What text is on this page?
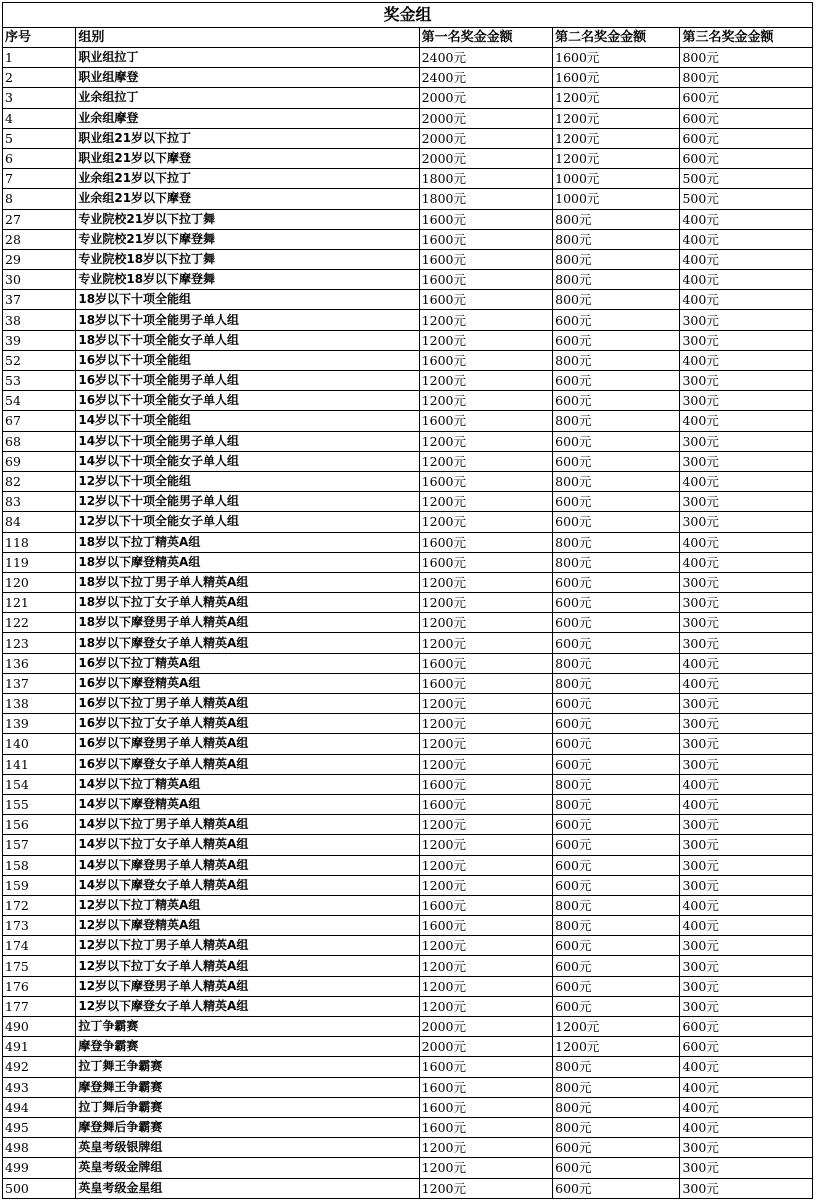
奖金组				
序号	组别	第一名奖金金额	第二名奖金金额	第三名奖金金额
1	职业组拉丁	2400元	1600元	800元
2	职业组摩登	2400元	1600元	800元
3	业余组拉丁	2000元	1200元	600元
4	业余组摩登	2000元	1200元	600元
5	职业组21岁以下拉丁	2000元	1200元	600元
6	职业组21岁以下摩登	2000元	1200元	600元
7	业余组21岁以下拉丁	1800元	1000元	500元
8	业余组21岁以下摩登	1800元	1000元	500元
27	专业院校21岁以下拉丁舞	1600元	800元	400元
28	专业院校21岁以下摩登舞	1600元	800元	400元
29	专业院校18岁以下拉丁舞	1600元	800元	400元
30	专业院校18岁以下摩登舞	1600元	800元	400元
37	18岁以下十项全能组	1600元	800元	400元
38	18岁以下十项全能男子单人组	1200元	600元	300元
39	18岁以下十项全能女子单人组	1200元	600元	300元
52	16岁以下十项全能组	1600元	800元	400元
53	16岁以下十项全能男子单人组	1200元	600元	300元
54	16岁以下十项全能女子单人组	1200元	600元	300元
67	14岁以下十项全能组	1600元	800元	400元
68	14岁以下十项全能男子单人组	1200元	600元	300元
69	14岁以下十项全能女子单人组	1200元	600元	300元
82	12岁以下十项全能组	1600元	800元	400元
83	12岁以下十项全能男子单人组	1200元	600元	300元
84	12岁以下十项全能女子单人组	1200元	600元	300元
118	18岁以下拉丁精英A组	1600元	800元	400元
119	18岁以下摩登精英A组	1600元	800元	400元
120	18岁以下拉丁男子单人精英A组	1200元	600元	300元
121	18岁以下拉丁女子单人精英A组	1200元	600元	300元
122	18岁以下摩登男子单人精英A组	1200元	600元	300元
123	18岁以下摩登女子单人精英A组	1200元	600元	300元
136	16岁以下拉丁精英A组	1600元	800元	400元
137	16岁以下摩登精英A组	1600元	800元	400元
138	16岁以下拉丁男子单人精英A组	1200元	600元	300元
139	16岁以下拉丁女子单人精英A组	1200元	600元	300元
140	16岁以下摩登男子单人精英A组	1200元	600元	300元
141	16岁以下摩登女子单人精英A组	1200元	600元	300元
154	14岁以下拉丁精英A组	1600元	800元	400元
155	14岁以下摩登精英A组	1600元	800元	400元
156	14岁以下拉丁男子单人精英A组	1200元	600元	300元
157	14岁以下拉丁女子单人精英A组	1200元	600元	300元
158	14岁以下摩登男子单人精英A组	1200元	600元	300元
159	14岁以下摩登女子单人精英A组	1200元	600元	300元
172	12岁以下拉丁精英A组	1600元	800元	400元
173	12岁以下摩登精英A组	1600元	800元	400元
174	12岁以下拉丁男子单人精英A组	1200元	600元	300元
175	12岁以下拉丁女子单人精英A组	1200元	600元	300元
176	12岁以下摩登男子单人精英A组	1200元	600元	300元
177	12岁以下摩登女子单人精英A组	1200元	600元	300元
490	拉丁争霸赛	2000元	1200元	600元
491	摩登争霸赛	2000元	1200元	600元
492	拉丁舞王争霸赛	1600元	800元	400元
493	摩登舞王争霸赛	1600元	800元	400元
494	拉丁舞后争霸赛	1600元	800元	400元
495	摩登舞后争霸赛	1600元	800元	400元
498	英皇考级银牌组	1200元	600元	300元
499	英皇考级金牌组	1200元	600元	300元
500	英皇考级金星组	1200元	600元	300元
